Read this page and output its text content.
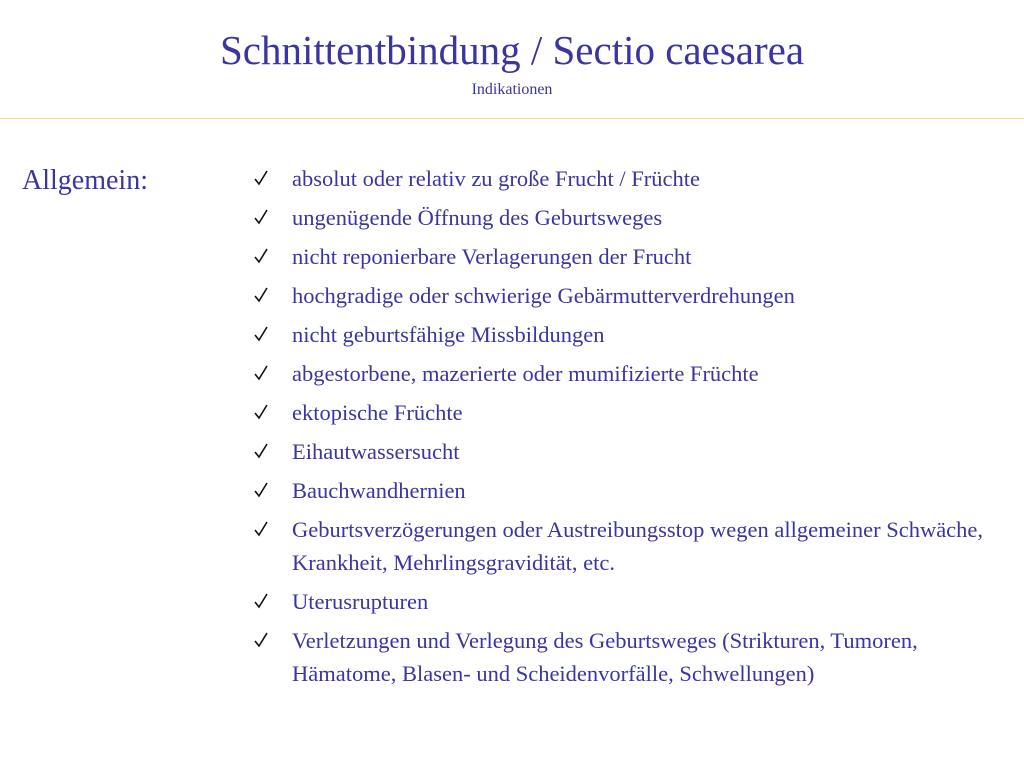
Schnittentbindung / Sectio caesarea
Indikationen
Allgemein:	absolut oder relativ zu große Frucht / Früchte
ungenügende Öffnung des Geburtsweges
nicht reponierbare Verlagerungen der Frucht
hochgradige oder schwierige Gebärmutterverdrehungen
nicht geburtsfähige Missbildungen
abgestorbene, mazerierte oder mumifizierte Früchte
ektopische Früchte
Eihautwassersucht
Bauchwandhernien
Geburtsverzögerungen oder Austreibungsstop wegen allgemeiner Schwäche, Krankheit, Mehrlingsgravidität, etc.
Uterusrupturen
Verletzungen und Verlegung des Geburtsweges (Strikturen, Tumoren, Hämatome, Blasen- und Scheidenvorfälle, Schwellungen)
